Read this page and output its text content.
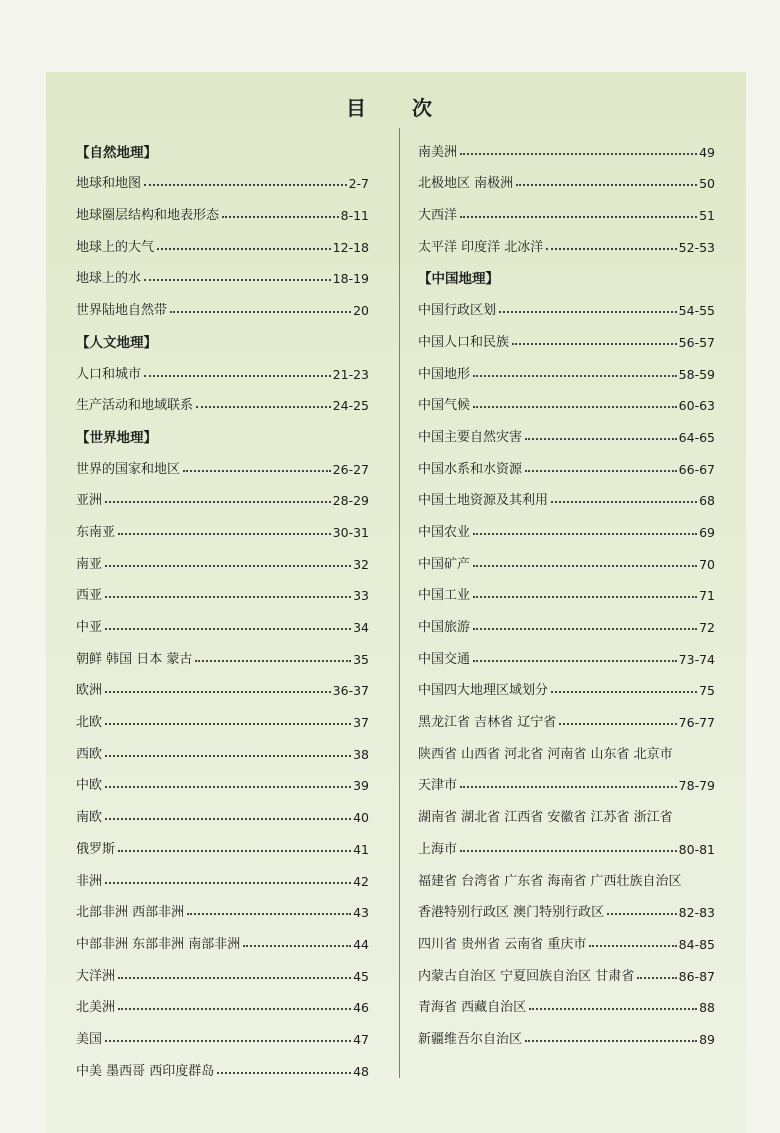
目 次
【自然地理】
地球和地图	2-7
地球圈层结构和地表形态	8-11
地球上的大气	12-18
地球上的水	18-19
世界陆地自然带	20
【人文地理】
人口和城市	21-23
生产活动和地域联系	24-25
【世界地理】
世界的国家和地区	26-27
亚洲	28-29
东南亚	30-31
南亚	32
西亚	33
中亚	34
朝鲜 韩国 日本 蒙古	35
欧洲	36-37
北欧	37
西欧	38
中欧	39
南欧	40
俄罗斯	41
非洲	42
北部非洲 西部非洲	43
中部非洲 东部非洲 南部非洲	44
大洋洲	45
北美洲	46
美国	47
中美 墨西哥 西印度群岛	48
南美洲	49
北极地区 南极洲	50
大西洋	51
太平洋 印度洋 北冰洋	52-53
【中国地理】
中国行政区划	54-55
中国人口和民族	56-57
中国地形	58-59
中国气候	60-63
中国主要自然灾害	64-65
中国水系和水资源	66-67
中国土地资源及其利用	68
中国农业	69
中国矿产	70
中国工业	71
中国旅游	72
中国交通	73-74
中国四大地理区域划分	75
黑龙江省 吉林省 辽宁省	76-77
陕西省 山西省 河北省 河南省 山东省 北京市
天津市	78-79
湖南省 湖北省 江西省 安徽省 江苏省 浙江省
上海市	80-81
福建省 台湾省 广东省 海南省 广西壮族自治区
香港特别行政区 澳门特别行政区	82-83
四川省 贵州省 云南省 重庆市	84-85
内蒙古自治区 宁夏回族自治区 甘肃省	86-87
青海省 西藏自治区	88
新疆维吾尔自治区	89
